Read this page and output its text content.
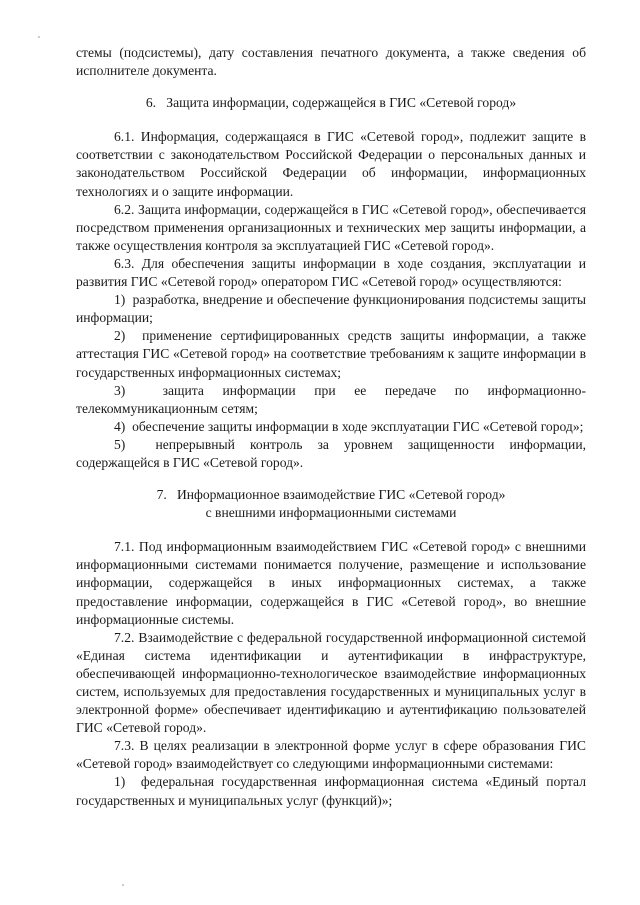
стемы (подсистемы), дату составления печатного документа, а также сведения об исполнителе документа.

6.   Защита информации, содержащейся в ГИС «Сетевой город»

6.1. Информация, содержащаяся в ГИС «Сетевой город», подлежит защите в соответствии с законодательством Российской Федерации о персональных данных и законодательством Российской Федерации об информации, информационных технологиях и о защите информации.

6.2. Защита информации, содержащейся в ГИС «Сетевой город», обеспечивается посредством применения организационных и технических мер защиты информации, а также осуществления контроля за эксплуатацией ГИС «Сетевой город».

6.3. Для обеспечения защиты информации в ходе создания, эксплуатации и развития ГИС «Сетевой город» оператором ГИС «Сетевой город» осуществляются:

1)  разработка, внедрение и обеспечение функционирования подсистемы защиты информации;

2)  применение сертифицированных средств защиты информации, а также аттестация ГИС «Сетевой город» на соответствие требованиям к защите информации в государственных информационных системах;

3)  защита информации при ее передаче по информационно-

телекоммуникационным сетям;

4)  обеспечение защиты информации в ходе эксплуатации ГИС «Сетевой город»;

5)  непрерывный контроль за уровнем защищенности информации, содержащейся в ГИС «Сетевой город».

7.   Информационное взаимодействие ГИС «Сетевой город»
с внешними информационными системами

7.1. Под информационным взаимодействием ГИС «Сетевой город» с внешними информационными системами понимается получение, размещение и использование информации, содержащейся в иных информационных системах, а также предоставление информации, содержащейся в ГИС «Сетевой город», во внешние информационные системы.

7.2. Взаимодействие с федеральной государственной информационной системой «Единая система идентификации и аутентификации в инфраструктуре, обеспечивающей информационно-технологическое взаимодействие информационных систем, используемых для предоставления государственных и муниципальных услуг в электронной форме» обеспечивает идентификацию и аутентификацию пользователей ГИС «Сетевой город».

7.3. В целях реализации в электронной форме услуг в сфере образования ГИС «Сетевой город» взаимодействует со следующими информационными системами:

1)  федеральная государственная информационная система «Единый портал государственных и муниципальных услуг (функций)»;
